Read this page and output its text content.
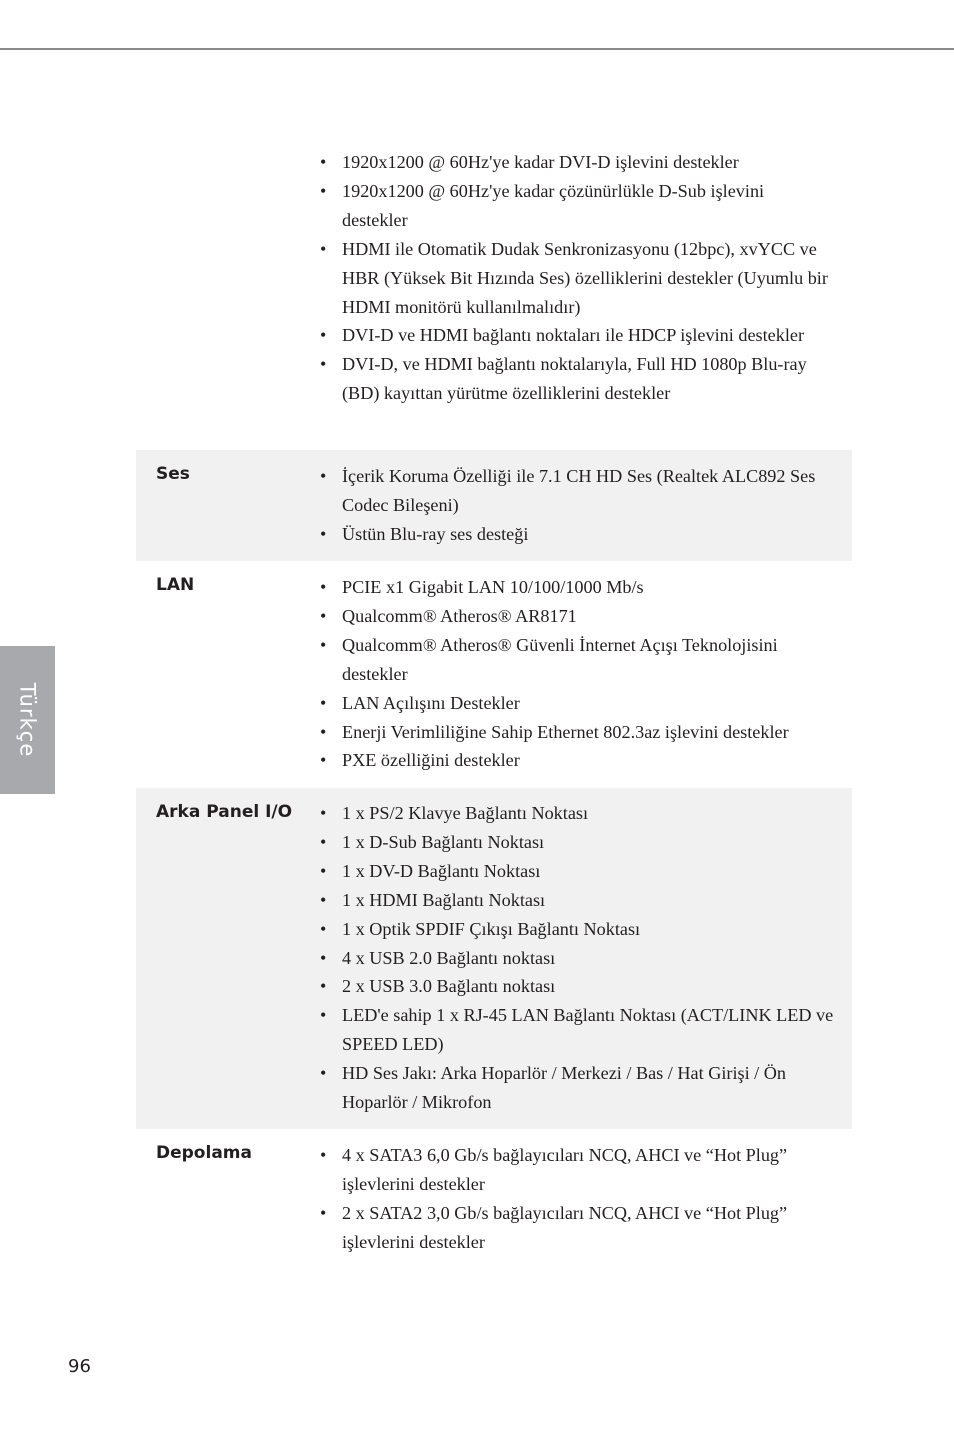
Türkçe
• 1920x1200 @ 60Hz'ye kadar DVI-D işlevini destekler
• 1920x1200 @ 60Hz'ye kadar çözünürlükle D-Sub işlevini destekler
• HDMI ile Otomatik Dudak Senkronizasyonu (12bpc), xvYCC ve HBR (Yüksek Bit Hızında Ses) özelliklerini destekler (Uyumlu bir HDMI monitörü kullanılmalıdır)
• DVI-D ve HDMI bağlantı noktaları ile HDCP işlevini destekler
• DVI-D, ve HDMI bağlantı noktalarıyla, Full HD 1080p Blu-ray (BD) kayıttan yürütme özelliklerini destekler
Ses	• İçerik Koruma Özelliği ile 7.1 CH HD Ses (Realtek ALC892 Ses Codec Bileşeni)
• Üstün Blu-ray ses desteği
LAN	• PCIE x1 Gigabit LAN 10/100/1000 Mb/s
• Qualcomm® Atheros® AR8171
• Qualcomm® Atheros® Güvenli İnternet Açışı Teknolojisini destekler
• LAN Açılışını Destekler
• Enerji Verimliliğine Sahip Ethernet 802.3az işlevini destekler
• PXE özelliğini destekler
Arka Panel I/O	• 1 x PS/2 Klavye Bağlantı Noktası
• 1 x D-Sub Bağlantı Noktası
• 1 x DV-D Bağlantı Noktası
• 1 x HDMI Bağlantı Noktası
• 1 x Optik SPDIF Çıkışı Bağlantı Noktası
• 4 x USB 2.0 Bağlantı noktası
• 2 x USB 3.0 Bağlantı noktası
• LED'e sahip 1 x RJ-45 LAN Bağlantı Noktası (ACT/LINK LED ve SPEED LED)
• HD Ses Jakı: Arka Hoparlör / Merkezi / Bas / Hat Girişi / Ön Hoparlör / Mikrofon
Depolama	• 4 x SATA3 6,0 Gb/s bağlayıcıları NCQ, AHCI ve “Hot Plug” işlevlerini destekler
• 2 x SATA2 3,0 Gb/s bağlayıcıları NCQ, AHCI ve “Hot Plug” işlevlerini destekler
96
